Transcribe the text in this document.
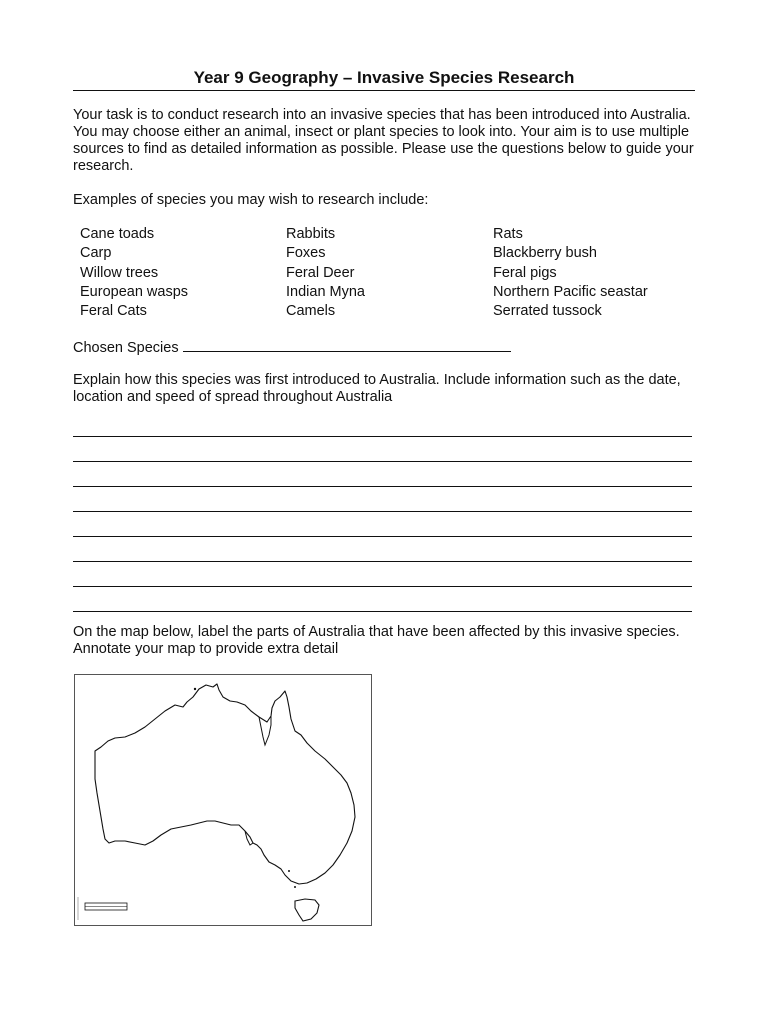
Year 9 Geography – Invasive Species Research
Your task is to conduct research into an invasive species that has been introduced into Australia. You may choose either an animal, insect or plant species to look into. Your aim is to use multiple sources to find as detailed information as possible. Please use the questions below to guide your research.
Examples of species you may wish to research include:
Cane toads
Carp
Willow trees
European wasps
Feral Cats
Rabbits
Foxes
Feral Deer
Indian Myna
Camels
Rats
Blackberry bush
Feral pigs
Northern Pacific seastar
Serrated tussock
Chosen Species
Explain how this species was first introduced to Australia. Include information such as the date, location and speed of spread throughout Australia
On the map below, label the parts of Australia that have been affected by this invasive species. Annotate your map to provide extra detail
